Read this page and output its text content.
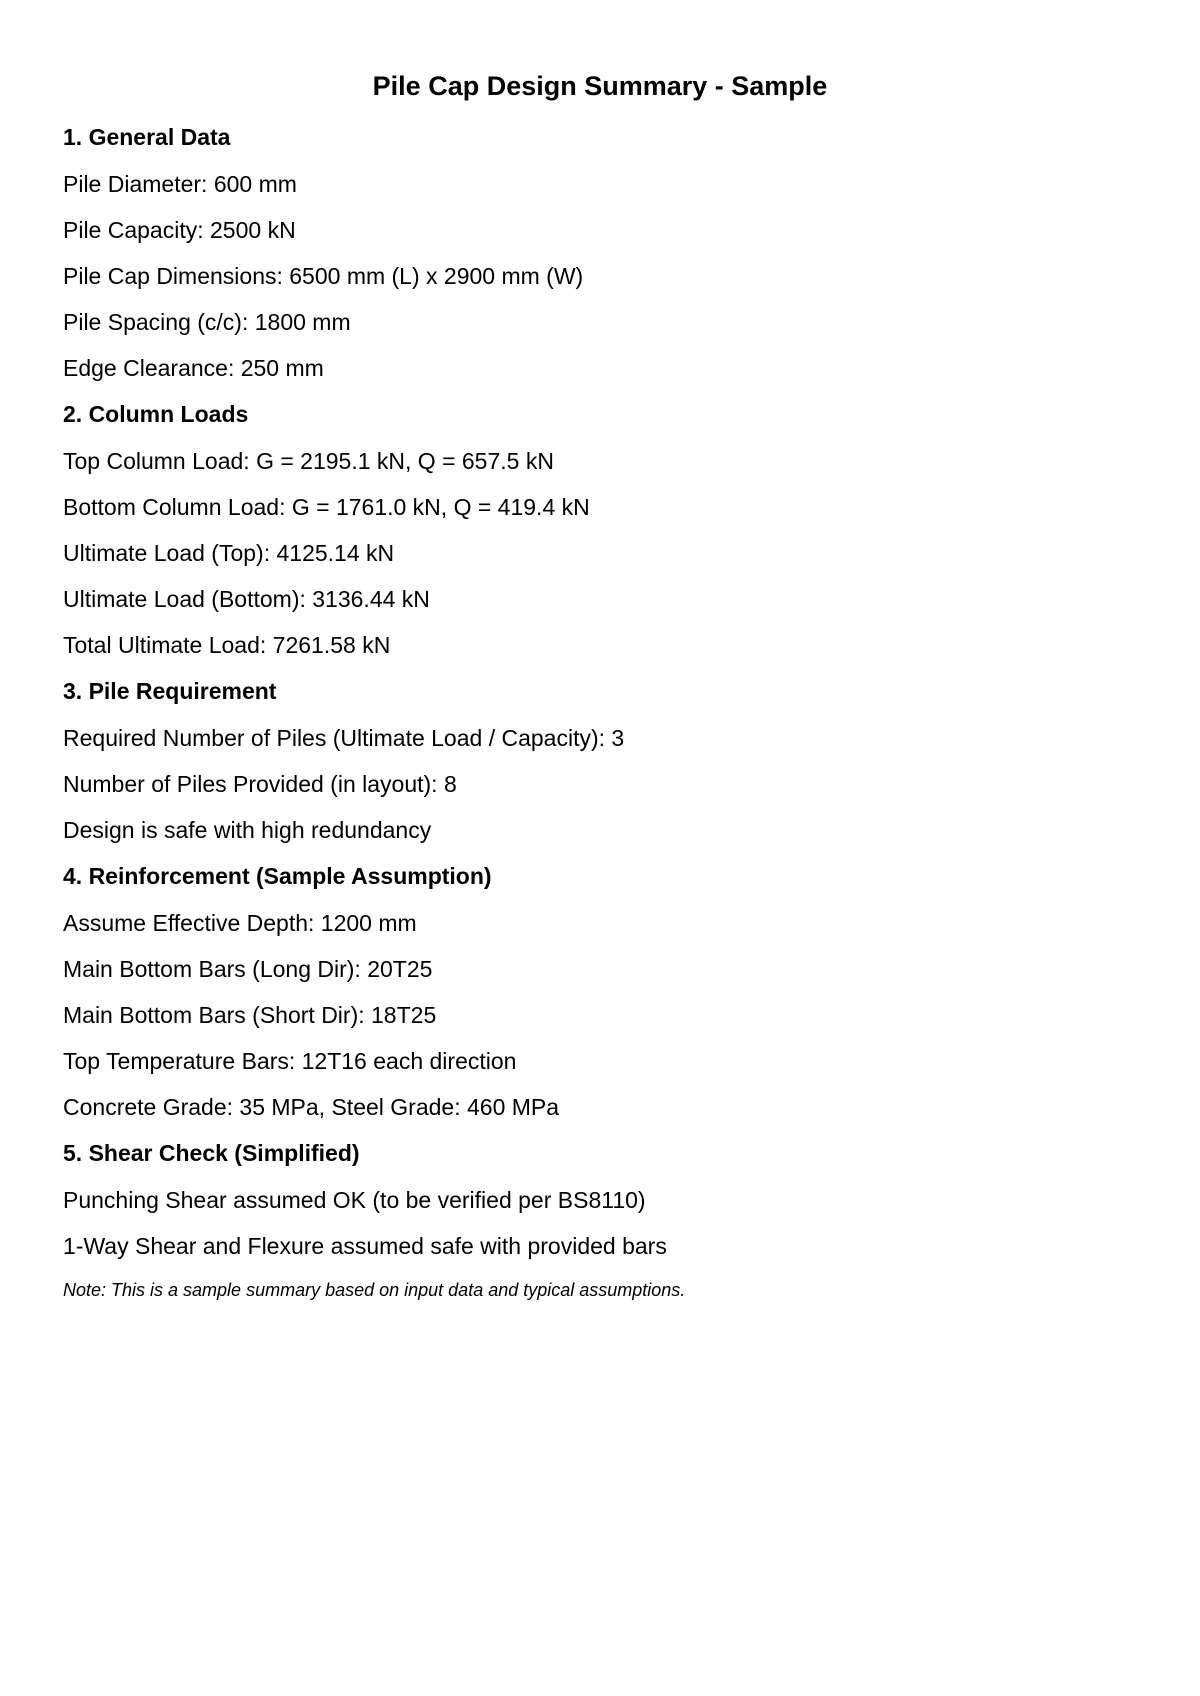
Pile Cap Design Summary - Sample
1. General Data
Pile Diameter: 600 mm
Pile Capacity: 2500 kN
Pile Cap Dimensions: 6500 mm (L) x 2900 mm (W)
Pile Spacing (c/c): 1800 mm
Edge Clearance: 250 mm
2. Column Loads
Top Column Load: G = 2195.1 kN, Q = 657.5 kN
Bottom Column Load: G = 1761.0 kN, Q = 419.4 kN
Ultimate Load (Top): 4125.14 kN
Ultimate Load (Bottom): 3136.44 kN
Total Ultimate Load: 7261.58 kN
3. Pile Requirement
Required Number of Piles (Ultimate Load / Capacity): 3
Number of Piles Provided (in layout): 8
Design is safe with high redundancy
4. Reinforcement (Sample Assumption)
Assume Effective Depth: 1200 mm
Main Bottom Bars (Long Dir): 20T25
Main Bottom Bars (Short Dir): 18T25
Top Temperature Bars: 12T16 each direction
Concrete Grade: 35 MPa, Steel Grade: 460 MPa
5. Shear Check (Simplified)
Punching Shear assumed OK (to be verified per BS8110)
1-Way Shear and Flexure assumed safe with provided bars
Note: This is a sample summary based on input data and typical assumptions.
